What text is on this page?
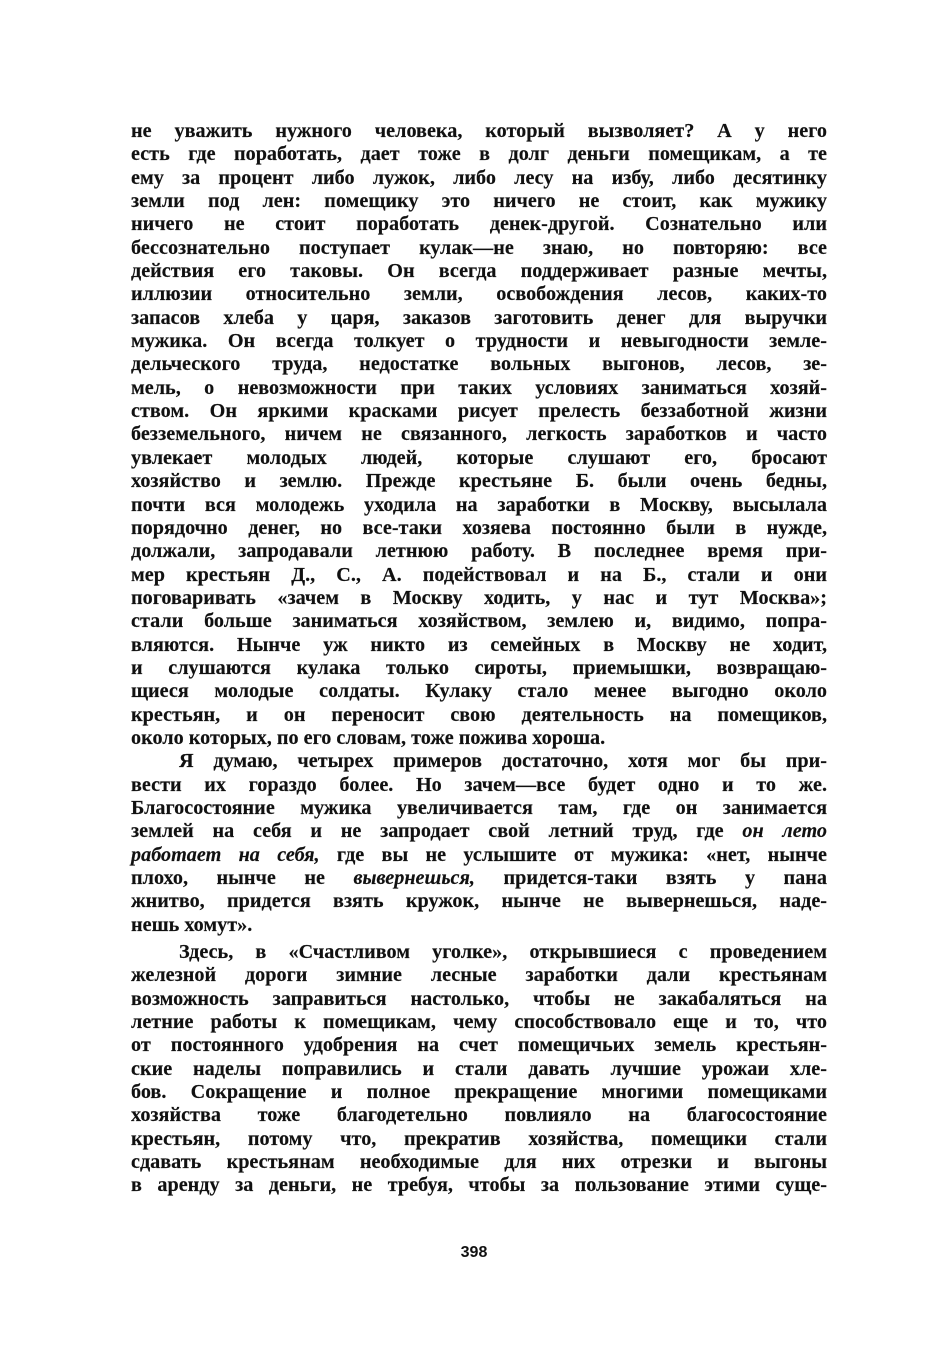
не уважить нужного человека, который вызволяет? А у него
есть где поработать, дает тоже в долг деньги помещикам, а те
ему за процент либо лужок, либо лесу на избу, либо десятинку
земли под лен: помещику это ничего не стоит, как мужику
ничего не стоит поработать денек-другой. Сознательно или
бессознательно поступает кулак—не знаю, но повторяю: все
действия его таковы. Он всегда поддерживает разные мечты,
иллюзии относительно земли, освобождения лесов, каких-то
запасов хлеба у царя, заказов заготовить денег для выручки
мужика. Он всегда толкует о трудности и невыгодности земле-
дельческого труда, недостатке вольных выгонов, лесов, зе-
мель, о невозможности при таких условиях заниматься хозяй-
ством. Он яркими красками рисует прелесть беззаботной жизни
безземельного, ничем не связанного, легкость заработков и часто
увлекает молодых людей, которые слушают его, бросают
хозяйство и землю. Прежде крестьяне Б. были очень бедны,
почти вся молодежь уходила на заработки в Москву, высылала
порядочно денег, но все-таки хозяева постоянно были в нужде,
должали, запродавали летнюю работу. В последнее время при-
мер крестьян Д., С., А. подействовал и на Б., стали и они
поговаривать «зачем в Москву ходить, у нас и тут Москва»;
стали больше заниматься хозяйством, землею и, видимо, попра-
вляются. Нынче уж никто из семейных в Москву не ходит,
и слушаются кулака только сироты, приемышки, возвращаю-
щиеся молодые солдаты. Кулаку стало менее выгодно около
крестьян, и он переносит свою деятельность на помещиков,
около которых, по его словам, тоже пожива хороша.
Я думаю, четырех примеров достаточно, хотя мог бы при-
вести их гораздо более. Но зачем—все будет одно и то же.
Благосостояние мужика увеличивается там, где он занимается
землей на себя и не запродает свой летний труд, где он лето
работает на себя, где вы не услышите от мужика: «нет, нынче
плохо, нынче не вывернешься, придется-таки взять у пана
жнитво, придется взять кружок, нынче не вывернешься, наде-
нешь хомут».
Здесь, в «Счастливом уголке», открывшиеся с проведением
железной дороги зимние лесные заработки дали крестьянам
возможность заправиться настолько, чтобы не закабаляться на
летние работы к помещикам, чему способствовало еще и то, что
от постоянного удобрения на счет помещичьих земель крестьян-
ские наделы поправились и стали давать лучшие урожаи хле-
бов. Сокращение и полное прекращение многими помещиками
хозяйства тоже благодетельно повлияло на благосостояние
крестьян, потому что, прекратив хозяйства, помещики стали
сдавать крестьянам необходимые для них отрезки и выгоны
в аренду за деньги, не требуя, чтобы за пользование этими суще-
398
